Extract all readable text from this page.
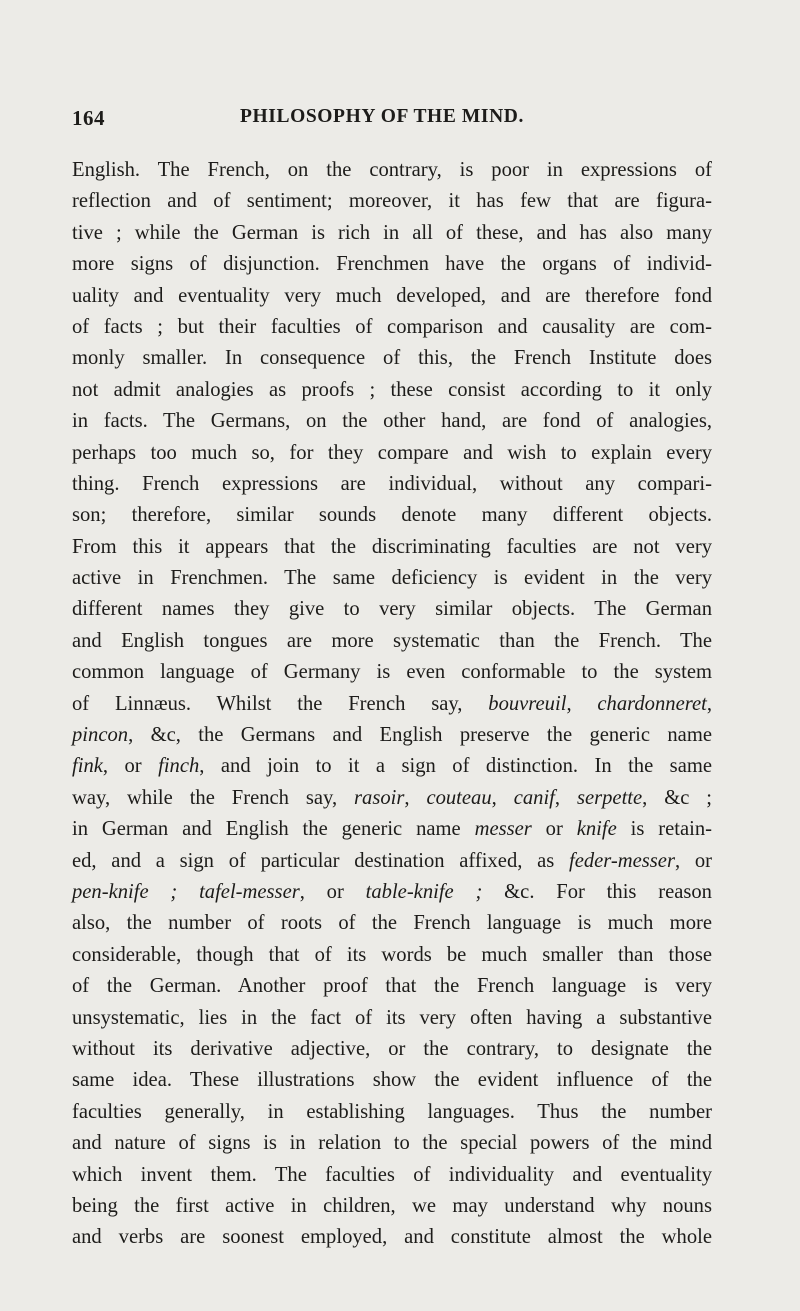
164	PHILOSOPHY OF THE MIND.
English. The French, on the contrary, is poor in expressions of
reflection and of sentiment; moreover, it has few that are figura-
tive ; while the German is rich in all of these, and has also many
more signs of disjunction. Frenchmen have the organs of individ-
uality and eventuality very much developed, and are therefore fond
of facts ; but their faculties of comparison and causality are com-
monly smaller. In consequence of this, the French Institute does
not admit analogies as proofs ; these consist according to it only
in facts. The Germans, on the other hand, are fond of analogies,
perhaps too much so, for they compare and wish to explain every
thing. French expressions are individual, without any compari-
son; therefore, similar sounds denote many different objects.
From this it appears that the discriminating faculties are not very
active in Frenchmen. The same deficiency is evident in the very
different names they give to very similar objects. The German
and English tongues are more systematic than the French. The
common language of Germany is even conformable to the system
of Linnæus. Whilst the French say, bouvreuil, chardonneret,
pincon, &c, the Germans and English preserve the generic name
fink, or finch, and join to it a sign of distinction. In the same
way, while the French say, rasoir, couteau, canif, serpette, &c ;
in German and English the generic name messer or knife is retain-
ed, and a sign of particular destination affixed, as feder-messer, or
pen-knife ; tafel-messer, or table-knife ; &c. For this reason
also, the number of roots of the French language is much more
considerable, though that of its words be much smaller than those
of the German. Another proof that the French language is very
unsystematic, lies in the fact of its very often having a substantive
without its derivative adjective, or the contrary, to designate the
same idea. These illustrations show the evident influence of the
faculties generally, in establishing languages. Thus the number
and nature of signs is in relation to the special powers of the mind
which invent them. The faculties of individuality and eventuality
being the first active in children, we may understand why nouns
and verbs are soonest employed, and constitute almost the whole
